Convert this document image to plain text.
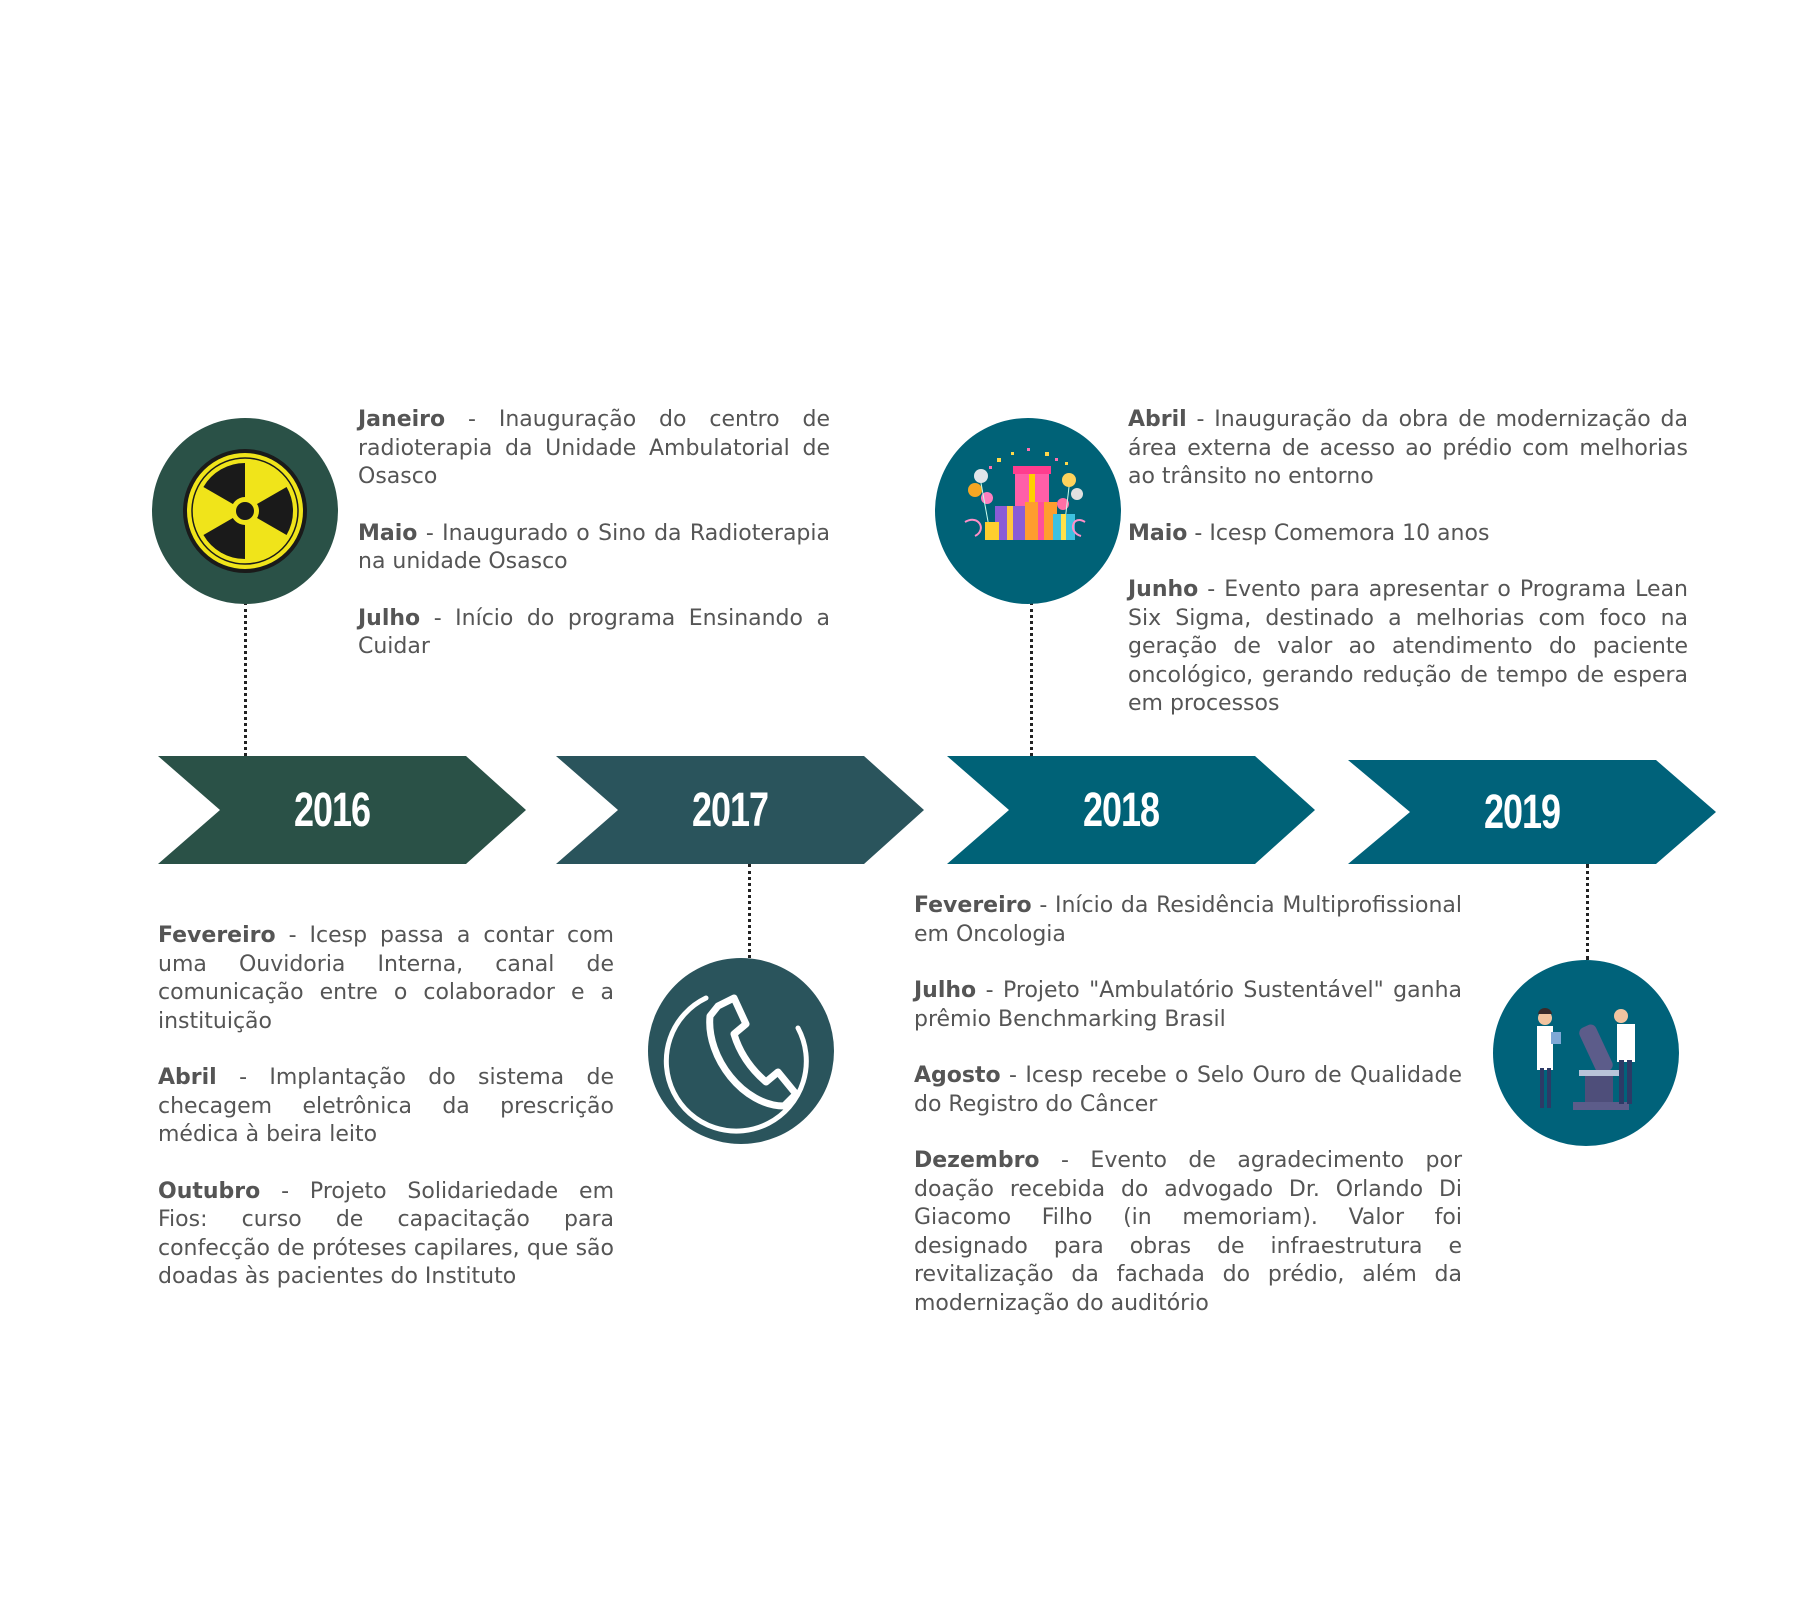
2016	2017	2018	2019

Janeiro - Inauguração do centro de radioterapia da Unidade Ambulatorial de Osasco

Maio - Inaugurado o Sino da Radioterapia na unidade Osasco

Julho - Início do programa Ensinando a Cuidar

Fevereiro - Icesp passa a contar com uma Ouvidoria Interna, canal de comunicação entre o colaborador e a instituição

Abril - Implantação do sistema de checagem eletrônica da prescrição médica à beira leito

Outubro - Projeto Solidariedade em Fios: curso de capacitação para confecção de próteses capilares, que são doadas às pacientes do Instituto

Abril - Inauguração da obra de modernização da área externa de acesso ao prédio com melhorias ao trânsito no entorno

Maio - Icesp Comemora 10 anos

Junho - Evento para apresentar o Programa Lean Six Sigma, destinado a melhorias com foco na geração de valor ao atendimento do paciente oncológico, gerando redução de tempo de espera em processos

Fevereiro - Início da Residência Multiprofissional em Oncologia

Julho - Projeto "Ambulatório Sustentável" ganha prêmio Benchmarking Brasil

Agosto - Icesp recebe o Selo Ouro de Qualidade do Registro do Câncer

Dezembro - Evento de agradecimento por doação recebida do advogado Dr. Orlando Di Giacomo Filho (in memoriam). Valor foi designado para obras de infraestrutura e revitalização da fachada do prédio, além da modernização do auditório
